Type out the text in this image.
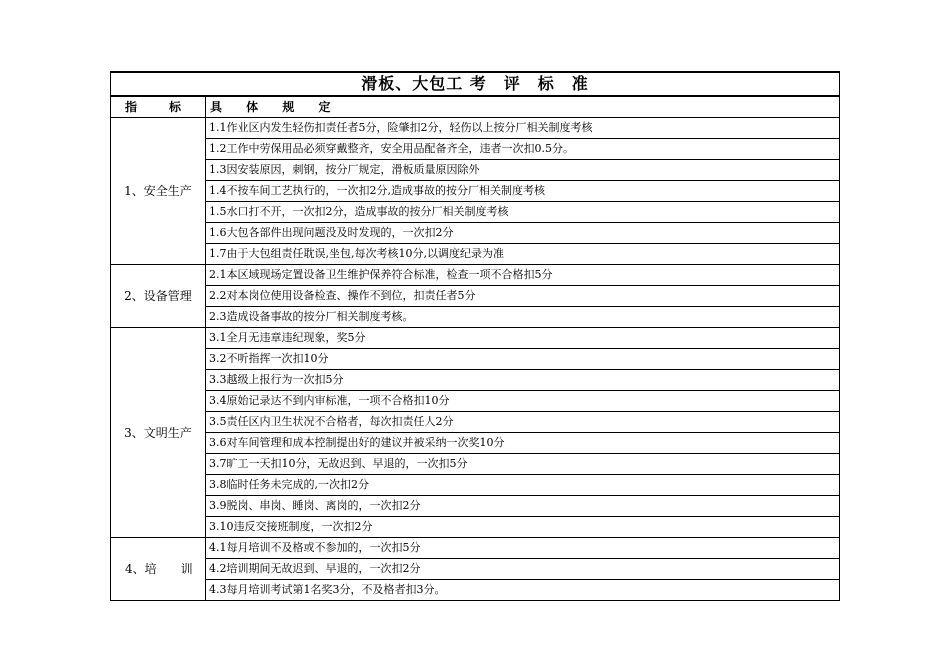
滑板、大包工 考　评　标　准	
指　标	具 体 规 定
1、安全生产	1.1作业区内发生轻伤扣责任者5分，险肇扣2分，轻伤以上按分厂相关制度考核
	1.2工作中劳保用品必须穿戴整齐，安全用品配备齐全，违者一次扣0.5分。
	1.3因安装原因，刺钢，按分厂规定，滑板质量原因除外
	1.4不按车间工艺执行的，一次扣2分,造成事故的按分厂相关制度考核
	1.5水口打不开，一次扣2分，造成事故的按分厂相关制度考核
	1.6大包各部件出现问题没及时发现的，一次扣2分
	1.7由于大包组责任耽误,坐包,每次考核10分,以调度纪录为准
2、设备管理	2.1本区域现场定置设备卫生维护保养符合标准，检查一项不合格扣5分
	2.2对本岗位使用设备检查、操作不到位，扣责任者5分
	2.3造成设备事故的按分厂相关制度考核。
3、文明生产	3.1全月无违章违纪现象，奖5分
	3.2不听指挥一次扣10分
	3.3越级上报行为一次扣5分
	3.4原始记录达不到内审标准，一项不合格扣10分
	3.5责任区内卫生状况不合格者，每次扣责任人2分
	3.6对车间管理和成本控制提出好的建议并被采纳一次奖10分
	3.7旷工一天扣10分，无故迟到、早退的，一次扣5分
	3.8临时任务未完成的,一次扣2分
	3.9脱岗、串岗、睡岗、离岗的，一次扣2分
	3.10违反交接班制度，一次扣2分
4、培　　训	4.1每月培训不及格或不参加的，一次扣5分
	4.2培训期间无故迟到、早退的，一次扣2分
	4.3每月培训考试第1名奖3分，不及格者扣3分。
